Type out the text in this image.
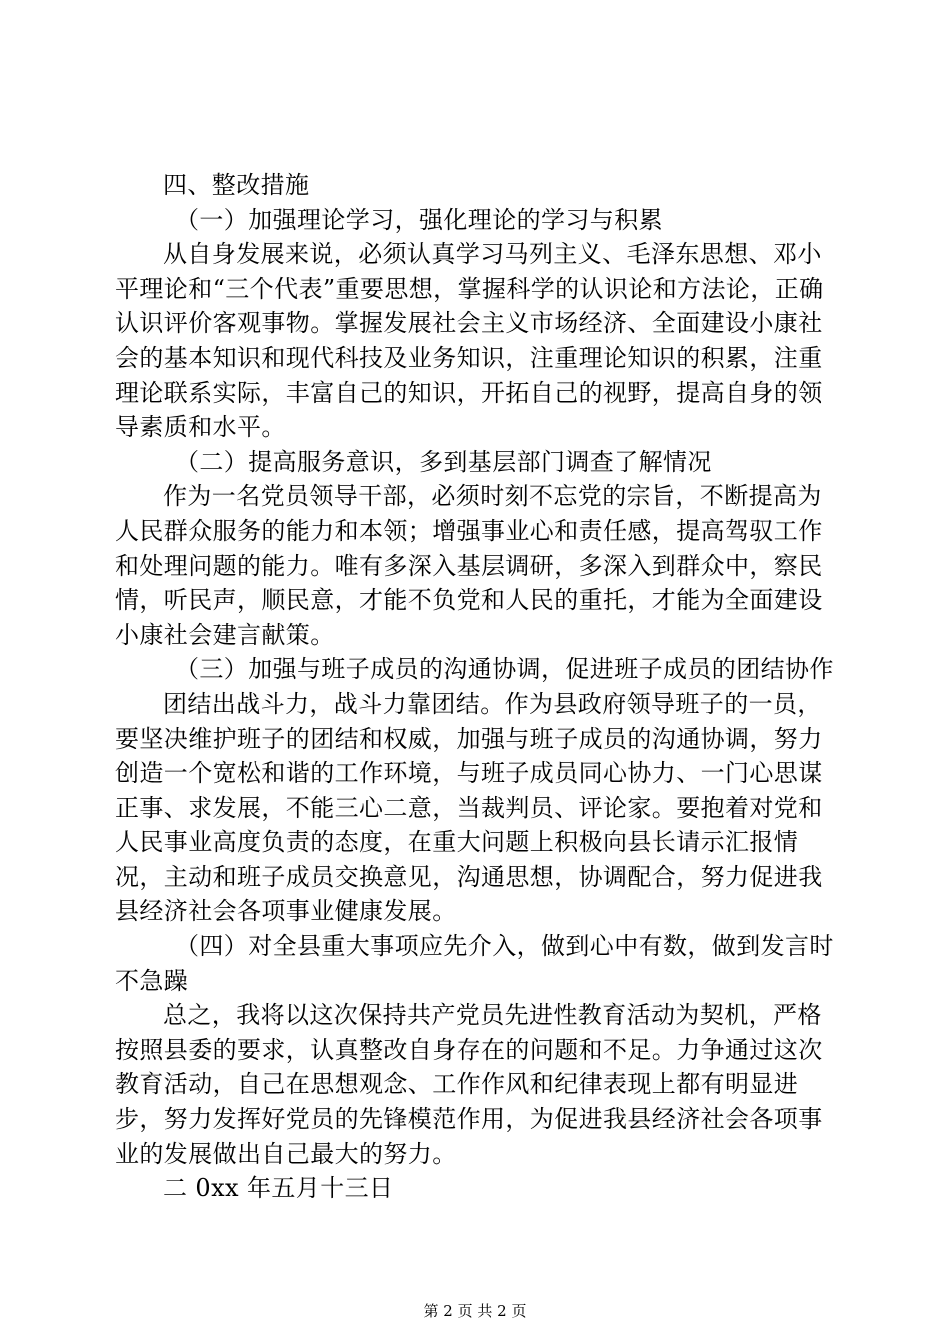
四、整改措施

（一）加强理论学习，强化理论的学习与积累

从自身发展来说，必须认真学习马列主义、毛泽东思想、邓小平理论和“三个代表”重要思想，掌握科学的认识论和方法论，正确认识评价客观事物。掌握发展社会主义市场经济、全面建设小康社会的基本知识和现代科技及业务知识，注重理论知识的积累，注重理论联系实际，丰富自己的知识，开拓自己的视野，提高自身的领导素质和水平。

（二）提高服务意识，多到基层部门调查了解情况

作为一名党员领导干部，必须时刻不忘党的宗旨，不断提高为人民群众服务的能力和本领；增强事业心和责任感，提高驾驭工作和处理问题的能力。唯有多深入基层调研，多深入到群众中，察民情，听民声，顺民意，才能不负党和人民的重托，才能为全面建设小康社会建言献策。

（三）加强与班子成员的沟通协调，促进班子成员的团结协作

团结出战斗力，战斗力靠团结。作为县政府领导班子的一员，要坚决维护班子的团结和权威，加强与班子成员的沟通协调，努力创造一个宽松和谐的工作环境，与班子成员同心协力、一门心思谋正事、求发展，不能三心二意，当裁判员、评论家。要抱着对党和人民事业高度负责的态度，在重大问题上积极向县长请示汇报情况，主动和班子成员交换意见，沟通思想，协调配合，努力促进我县经济社会各项事业健康发展。

（四）对全县重大事项应先介入，做到心中有数，做到发言时不急躁

总之，我将以这次保持共产党员先进性教育活动为契机，严格按照县委的要求，认真整改自身存在的问题和不足。力争通过这次教育活动，自己在思想观念、工作作风和纪律表现上都有明显进步，努力发挥好党员的先锋模范作用，为促进我县经济社会各项事业的发展做出自己最大的努力。

二 0xx 年五月十三日

第 2 页 共 2 页
